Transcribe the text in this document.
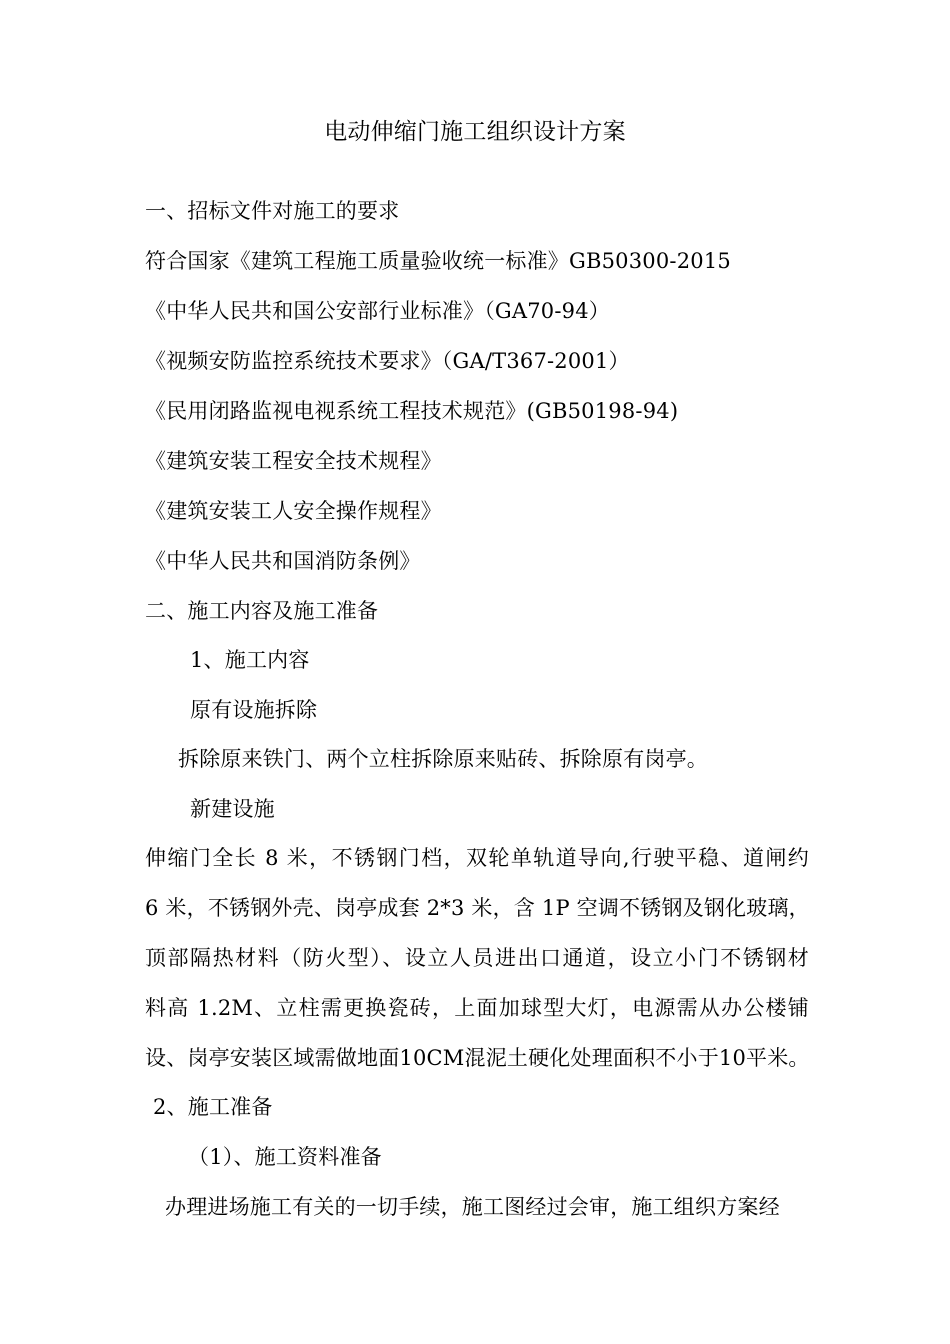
电动伸缩门施工组织设计方案
一、招标文件对施工的要求
符合国家《建筑工程施工质量验收统一标准》GB50300-2015
《中华人民共和国公安部行业标准》（GA70-94）
《视频安防监控系统技术要求》（GA/T367-2001）
《民用闭路监视电视系统工程技术规范》(GB50198-94)
《建筑安装工程安全技术规程》
《建筑安装工人安全操作规程》
《中华人民共和国消防条例》
二、施工内容及施工准备
1、施工内容
原有设施拆除
拆除原来铁门、两个立柱拆除原来贴砖、拆除原有岗亭。
新建设施
伸缩门全长 8 米，不锈钢门档，双轮单轨道导向,行驶平稳、道闸约
6 米，不锈钢外壳、岗亭成套 2*3 米，含 1P 空调不锈钢及钢化玻璃，
顶部隔热材料（防火型）、设立人员进出口通道，设立小门不锈钢材
料高 1.2M、立柱需更换瓷砖，上面加球型大灯，电源需从办公楼铺
设、岗亭安装区域需做地面10CM混泥土硬化处理面积不小于10平米。
2、施工准备
（1）、施工资料准备
办理进场施工有关的一切手续，施工图经过会审，施工组织方案经
